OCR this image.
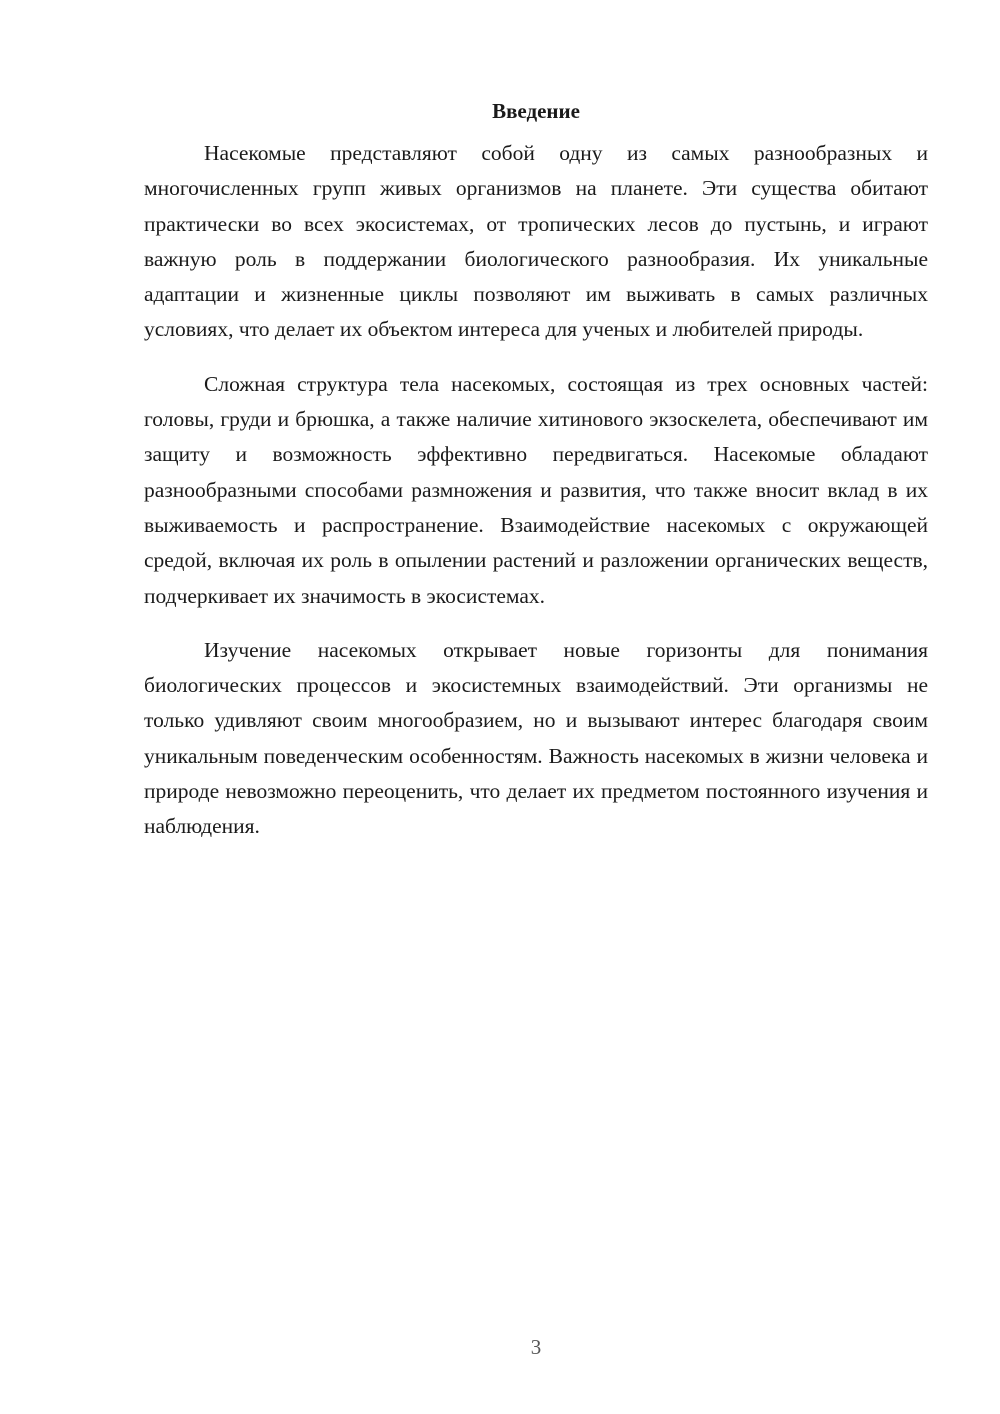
Введение

Насекомые представляют собой одну из самых разнообразных и многочисленных групп живых организмов на планете. Эти существа обитают практически во всех экосистемах, от тропических лесов до пустынь, и играют важную роль в поддержании биологического разнообразия. Их уникальные адаптации и жизненные циклы позволяют им выживать в самых различных условиях, что делает их объектом интереса для ученых и любителей природы.

Сложная структура тела насекомых, состоящая из трех основных частей: головы, груди и брюшка, а также наличие хитинового экзоскелета, обеспечивают им защиту и возможность эффективно передвигаться. Насекомые обладают разнообразными способами размножения и развития, что также вносит вклад в их выживаемость и распространение. Взаимодействие насекомых с окружающей средой, включая их роль в опылении растений и разложении органических веществ, подчеркивает их значимость в экосистемах.

Изучение насекомых открывает новые горизонты для понимания биологических процессов и экосистемных взаимодействий. Эти организмы не только удивляют своим многообразием, но и вызывают интерес благодаря своим уникальным поведенческим особенностям. Важность насекомых в жизни человека и природе невозможно переоценить, что делает их предметом постоянного изучения и наблюдения.

3
